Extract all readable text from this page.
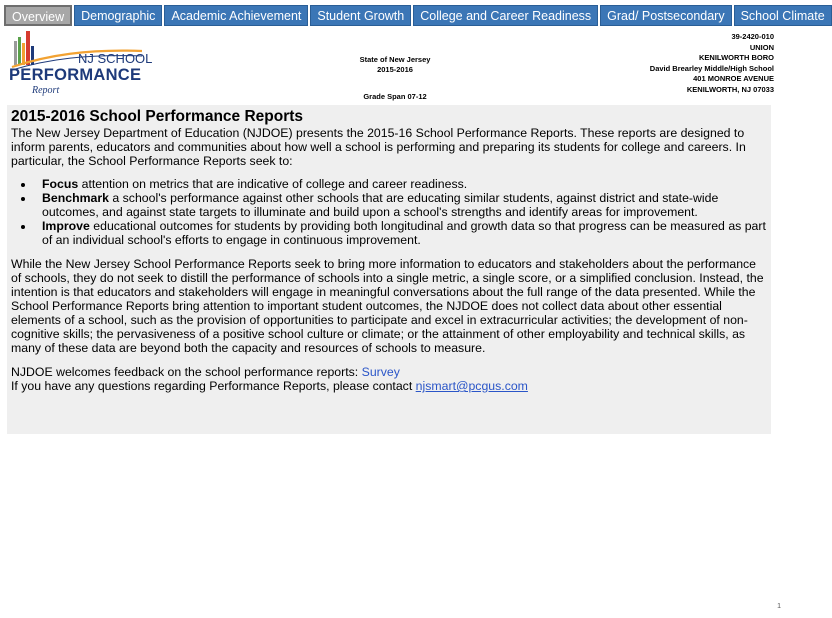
Overview	Demographic	Academic Achievement	Student Growth	College and Career Readiness	Grad/ Postsecondary	School Climate
NJ SCHOOL
PERFORMANCE
Report
State of New Jersey
2015-2016
Grade Span 07-12
39-2420-010
UNION
KENILWORTH BORO
David Brearley Middle/High School
401 MONROE AVENUE
KENILWORTH, NJ 07033
2015-2016 School Performance Reports

The New Jersey Department of Education (NJDOE) presents the 2015-16 School Performance Reports. These reports are designed to inform parents, educators and communities about how well a school is performing and preparing its students for college and careers. In particular, the School Performance Reports seek to:

• Focus attention on metrics that are indicative of college and career readiness.
• Benchmark a school's performance against other schools that are educating similar students, against district and state-wide outcomes, and against state targets to illuminate and build upon a school's strengths and identify areas for improvement.
• Improve educational outcomes for students by providing both longitudinal and growth data so that progress can be measured as part of an individual school's efforts to engage in continuous improvement.

While the New Jersey School Performance Reports seek to bring more information to educators and stakeholders about the performance of schools, they do not seek to distill the performance of schools into a single metric, a single score, or a simplified conclusion. Instead, the intention is that educators and stakeholders will engage in meaningful conversations about the full range of the data presented. While the School Performance Reports bring attention to important student outcomes, the NJDOE does not collect data about other essential elements of a school, such as the provision of opportunities to participate and excel in extracurricular activities; the development of non-cognitive skills; the pervasiveness of a positive school culture or climate; or the attainment of other employability and technical skills, as many of these data are beyond both the capacity and resources of schools to measure.

NJDOE welcomes feedback on the school performance reports: Survey

If you have any questions regarding Performance Reports, please contact njsmart@pcgus.com

1
